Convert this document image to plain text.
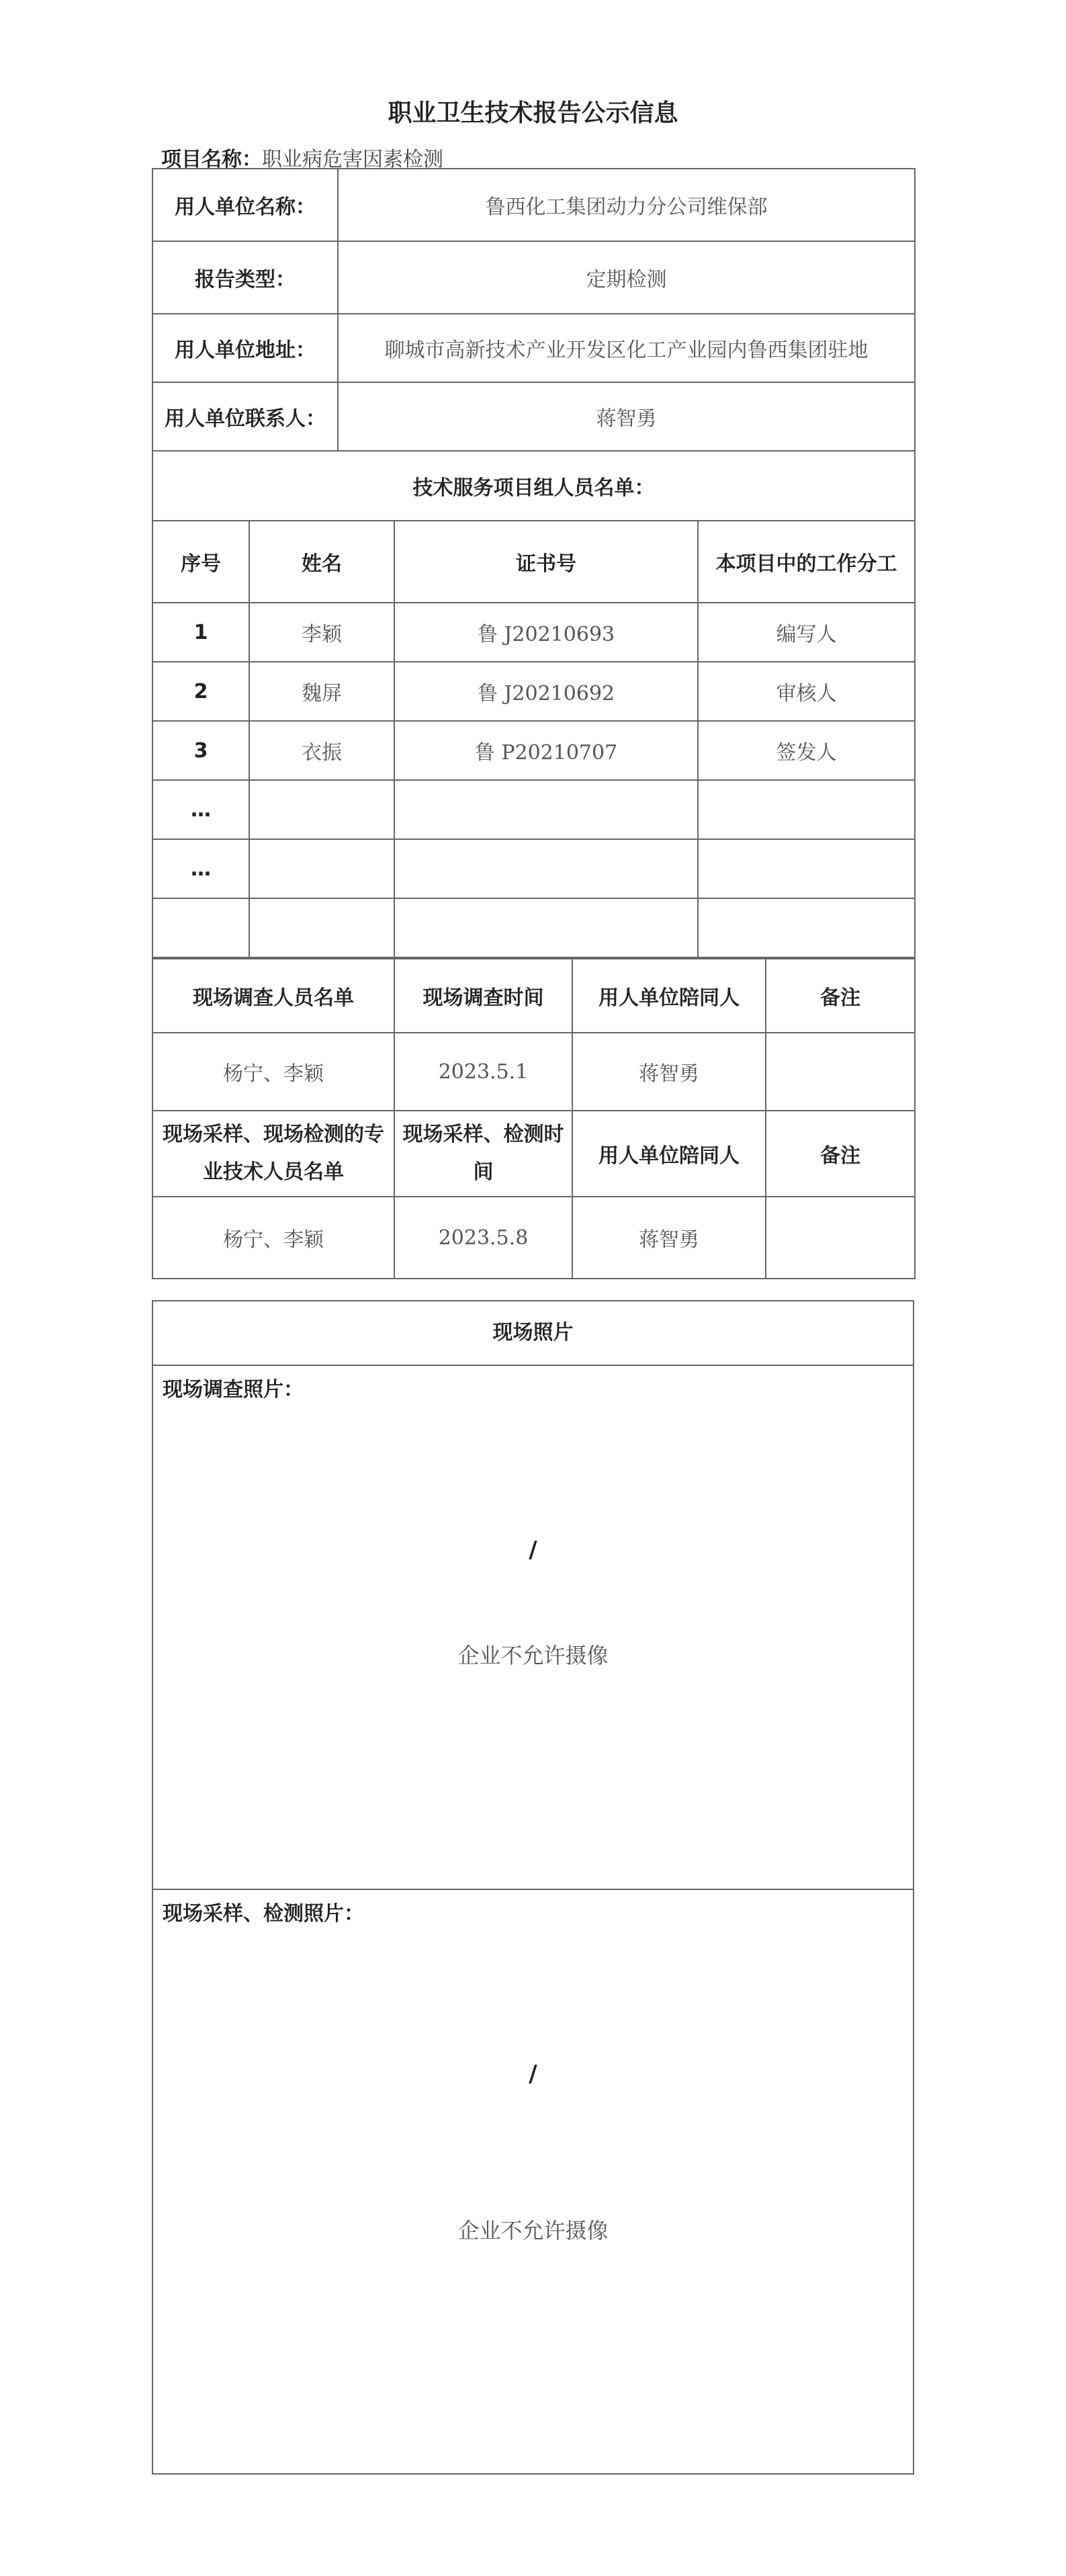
职业卫生技术报告公示信息
项目名称：职业病危害因素检测
用人单位名称：	鲁西化工集团动力分公司维保部
报告类型：	定期检测
用人单位地址：	聊城市高新技术产业开发区化工产业园内鲁西集团驻地
用人单位联系人：	蒋智勇
技术服务项目组人员名单：	
序号	姓名	证书号	本项目中的工作分工
1	李颖	鲁 J20210693	编写人
2	魏屏	鲁 J20210692	审核人
3	衣振	鲁 P20210707	签发人
…			
…			

现场调查人员名单	现场调查时间	用人单位陪同人	备注
杨宁、李颖	2023.5.1	蒋智勇	
现场采样、现场检测的专业技术人员名单	现场采样、检测时间	用人单位陪同人	备注
杨宁、李颖	2023.5.8	蒋智勇	
现场照片
现场调查照片：
/
企业不允许摄像
现场采样、检测照片：
/
企业不允许摄像
